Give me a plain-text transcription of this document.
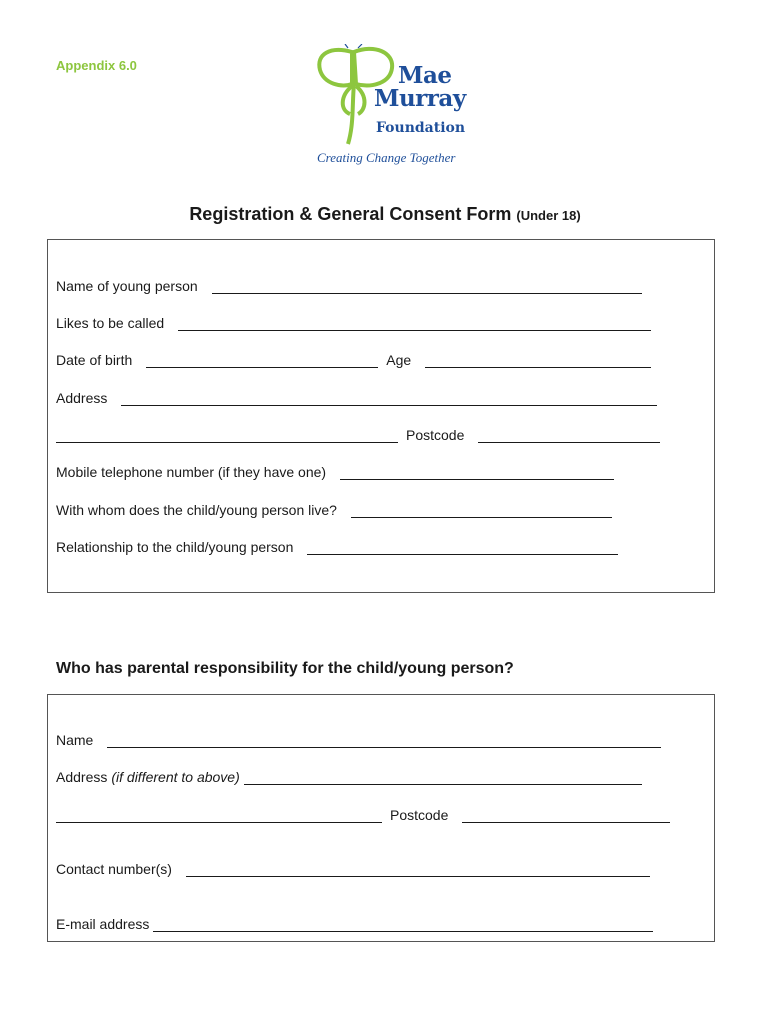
Appendix 6.0	Mae
Murray
Foundation
Creating Change Together
Registration & General Consent Form (Under 18)
Name of young person
Likes to be called
Date of birth	Age
Address
Postcode
Mobile telephone number (if they have one)
With whom does the child/young person live?
Relationship to the child/young person
Who has parental responsibility for the child/young person?
Name
Address (if different to above)
Postcode
Contact number(s)
E-mail address
